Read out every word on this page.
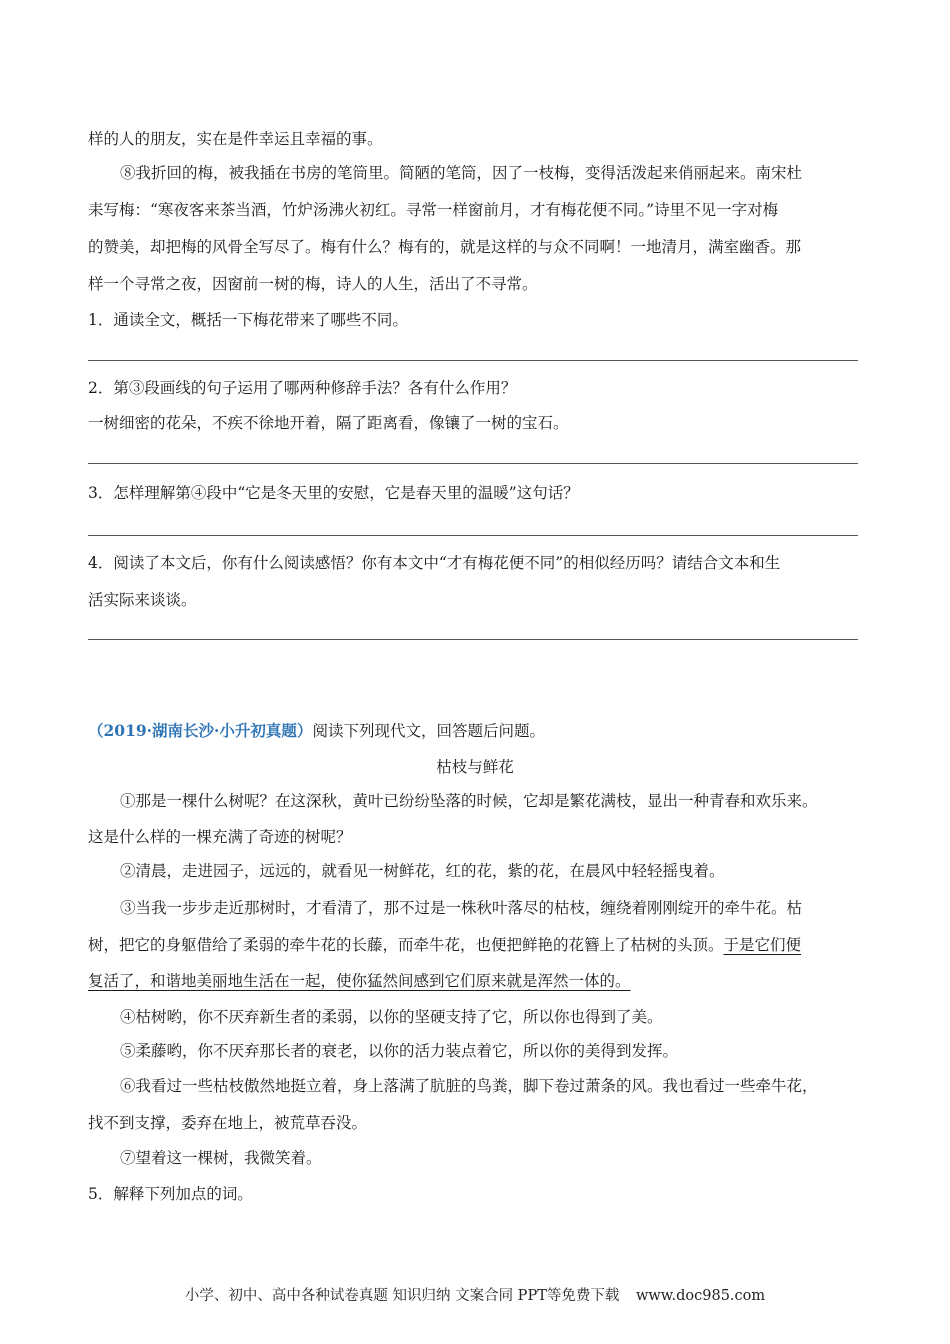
样的人的朋友，实在是件幸运且幸福的事。
⑧我折回的梅，被我插在书房的笔筒里。简陋的笔筒，因了一枝梅，变得活泼起来俏丽起来。南宋杜
耒写梅：“寒夜客来茶当酒，竹炉汤沸火初红。寻常一样窗前月，才有梅花便不同。”诗里不见一字对梅
的赞美，却把梅的风骨全写尽了。梅有什么？梅有的，就是这样的与众不同啊！一地清月，满室幽香。那
样一个寻常之夜，因窗前一树的梅，诗人的人生，活出了不寻常。
1．通读全文，概括一下梅花带来了哪些不同。
2．第③段画线的句子运用了哪两种修辞手法？各有什么作用？
一树细密的花朵，不疾不徐地开着，隔了距离看，像镶了一树的宝石。
3．怎样理解第④段中“它是冬天里的安慰，它是春天里的温暖”这句话？
4．阅读了本文后，你有什么阅读感悟？你有本文中“才有梅花便不同”的相似经历吗？请结合文本和生
活实际来谈谈。
（2019·湖南长沙·小升初真题）阅读下列现代文，回答题后问题。
枯枝与鲜花
①那是一棵什么树呢？在这深秋，黄叶已纷纷坠落的时候，它却是繁花满枝，显出一种青春和欢乐来。
这是什么样的一棵充满了奇迹的树呢？
②清晨，走进园子，远远的，就看见一树鲜花，红的花，紫的花，在晨风中轻轻摇曳着。
③当我一步步走近那树时，才看清了，那不过是一株秋叶落尽的枯枝，缠绕着刚刚绽开的牵牛花。枯
树，把它的身躯借给了柔弱的牵牛花的长藤，而牵牛花，也便把鲜艳的花簪上了枯树的头顶。于是它们便
复活了，和谐地美丽地生活在一起，使你猛然间感到它们原来就是浑然一体的。
④枯树哟，你不厌弃新生者的柔弱，以你的坚硬支持了它，所以你也得到了美。
⑤柔藤哟，你不厌弃那长者的衰老，以你的活力装点着它，所以你的美得到发挥。
⑥我看过一些枯枝傲然地挺立着，身上落满了肮脏的鸟粪，脚下卷过萧条的风。我也看过一些牵牛花，
找不到支撑，委弃在地上，被荒草吞没。
⑦望着这一棵树，我微笑着。
5．解释下列加点的词。
小学、初中、高中各种试卷真题 知识归纳 文案合同 PPT等免费下载 www.doc985.com
